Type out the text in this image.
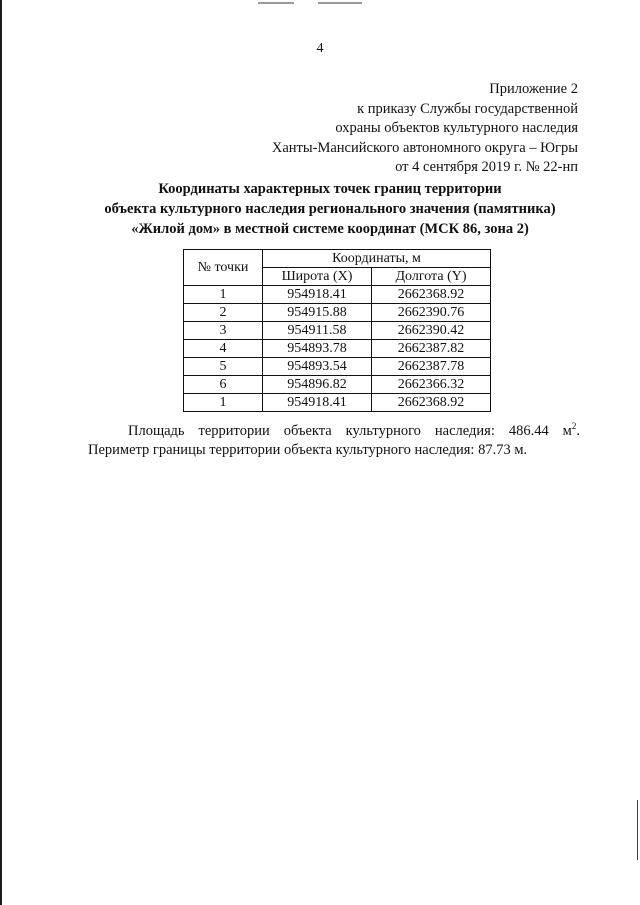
4
Приложение 2
к приказу Службы государственной
охраны объектов культурного наследия
Ханты-Мансийского автономного округа – Югры
от 4 сентября 2019 г. № 22-нп
Координаты характерных точек границ территории
объекта культурного наследия регионального значения (памятника)
«Жилой дом» в местной системе координат (МСК 86, зона 2)
№ точки	Координаты, м	
	Широта (X)	Долгота (Y)
1	954918.41	2662368.92
2	954915.88	2662390.76
3	954911.58	2662390.42
4	954893.78	2662387.82
5	954893.54	2662387.78
6	954896.82	2662366.32
1	954918.41	2662368.92
Площадь территории объекта культурного наследия: 486.44 $м^2$.
Периметр границы территории объекта культурного наследия: 87.73 м.
